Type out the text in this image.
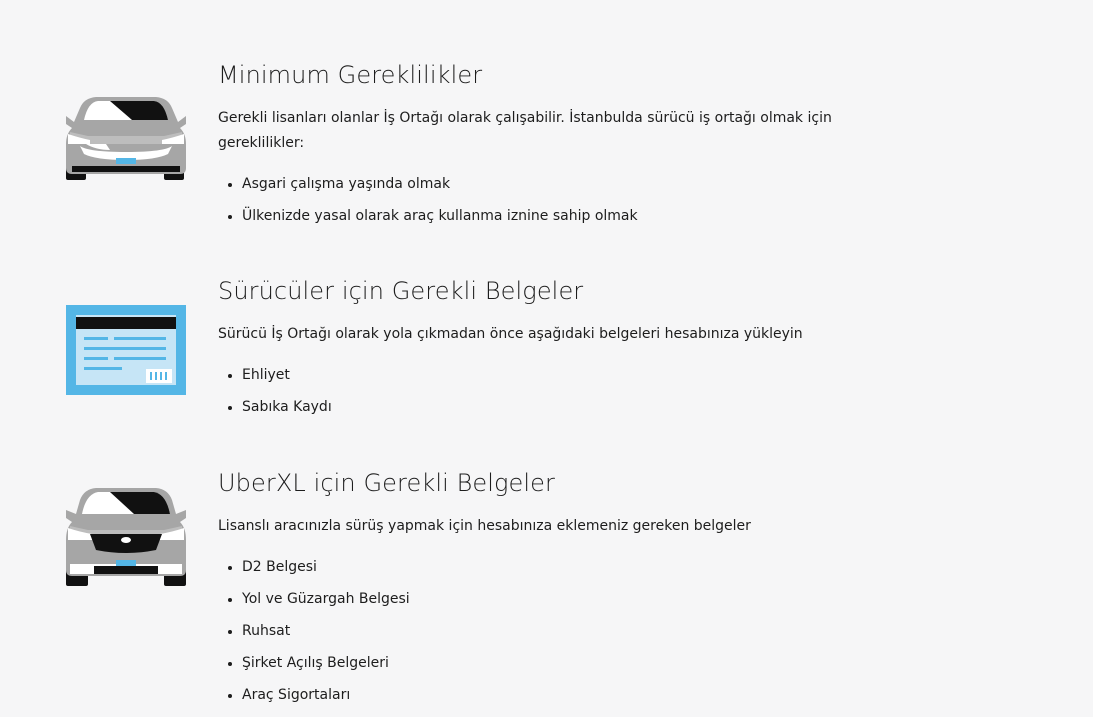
Minimum Gereklilikler

Gerekli lisanları olanlar İş Ortağı olarak çalışabilir. İstanbulda sürücü iş ortağı olmak için gereklilikler:

Asgari çalışma yaşında olmak
Ülkenizde yasal olarak araç kullanma iznine sahip olmak
Sürücüler için Gerekli Belgeler

Sürücü İş Ortağı olarak yola çıkmadan önce aşağıdaki belgeleri hesabınıza yükleyin

Ehliyet
Sabıka Kaydı
UberXL için Gerekli Belgeler

Lisanslı aracınızla sürüş yapmak için hesabınıza eklemeniz gereken belgeler

D2 Belgesi
Yol ve Güzargah Belgesi
Ruhsat
Şirket Açılış Belgeleri
Araç Sigortaları
